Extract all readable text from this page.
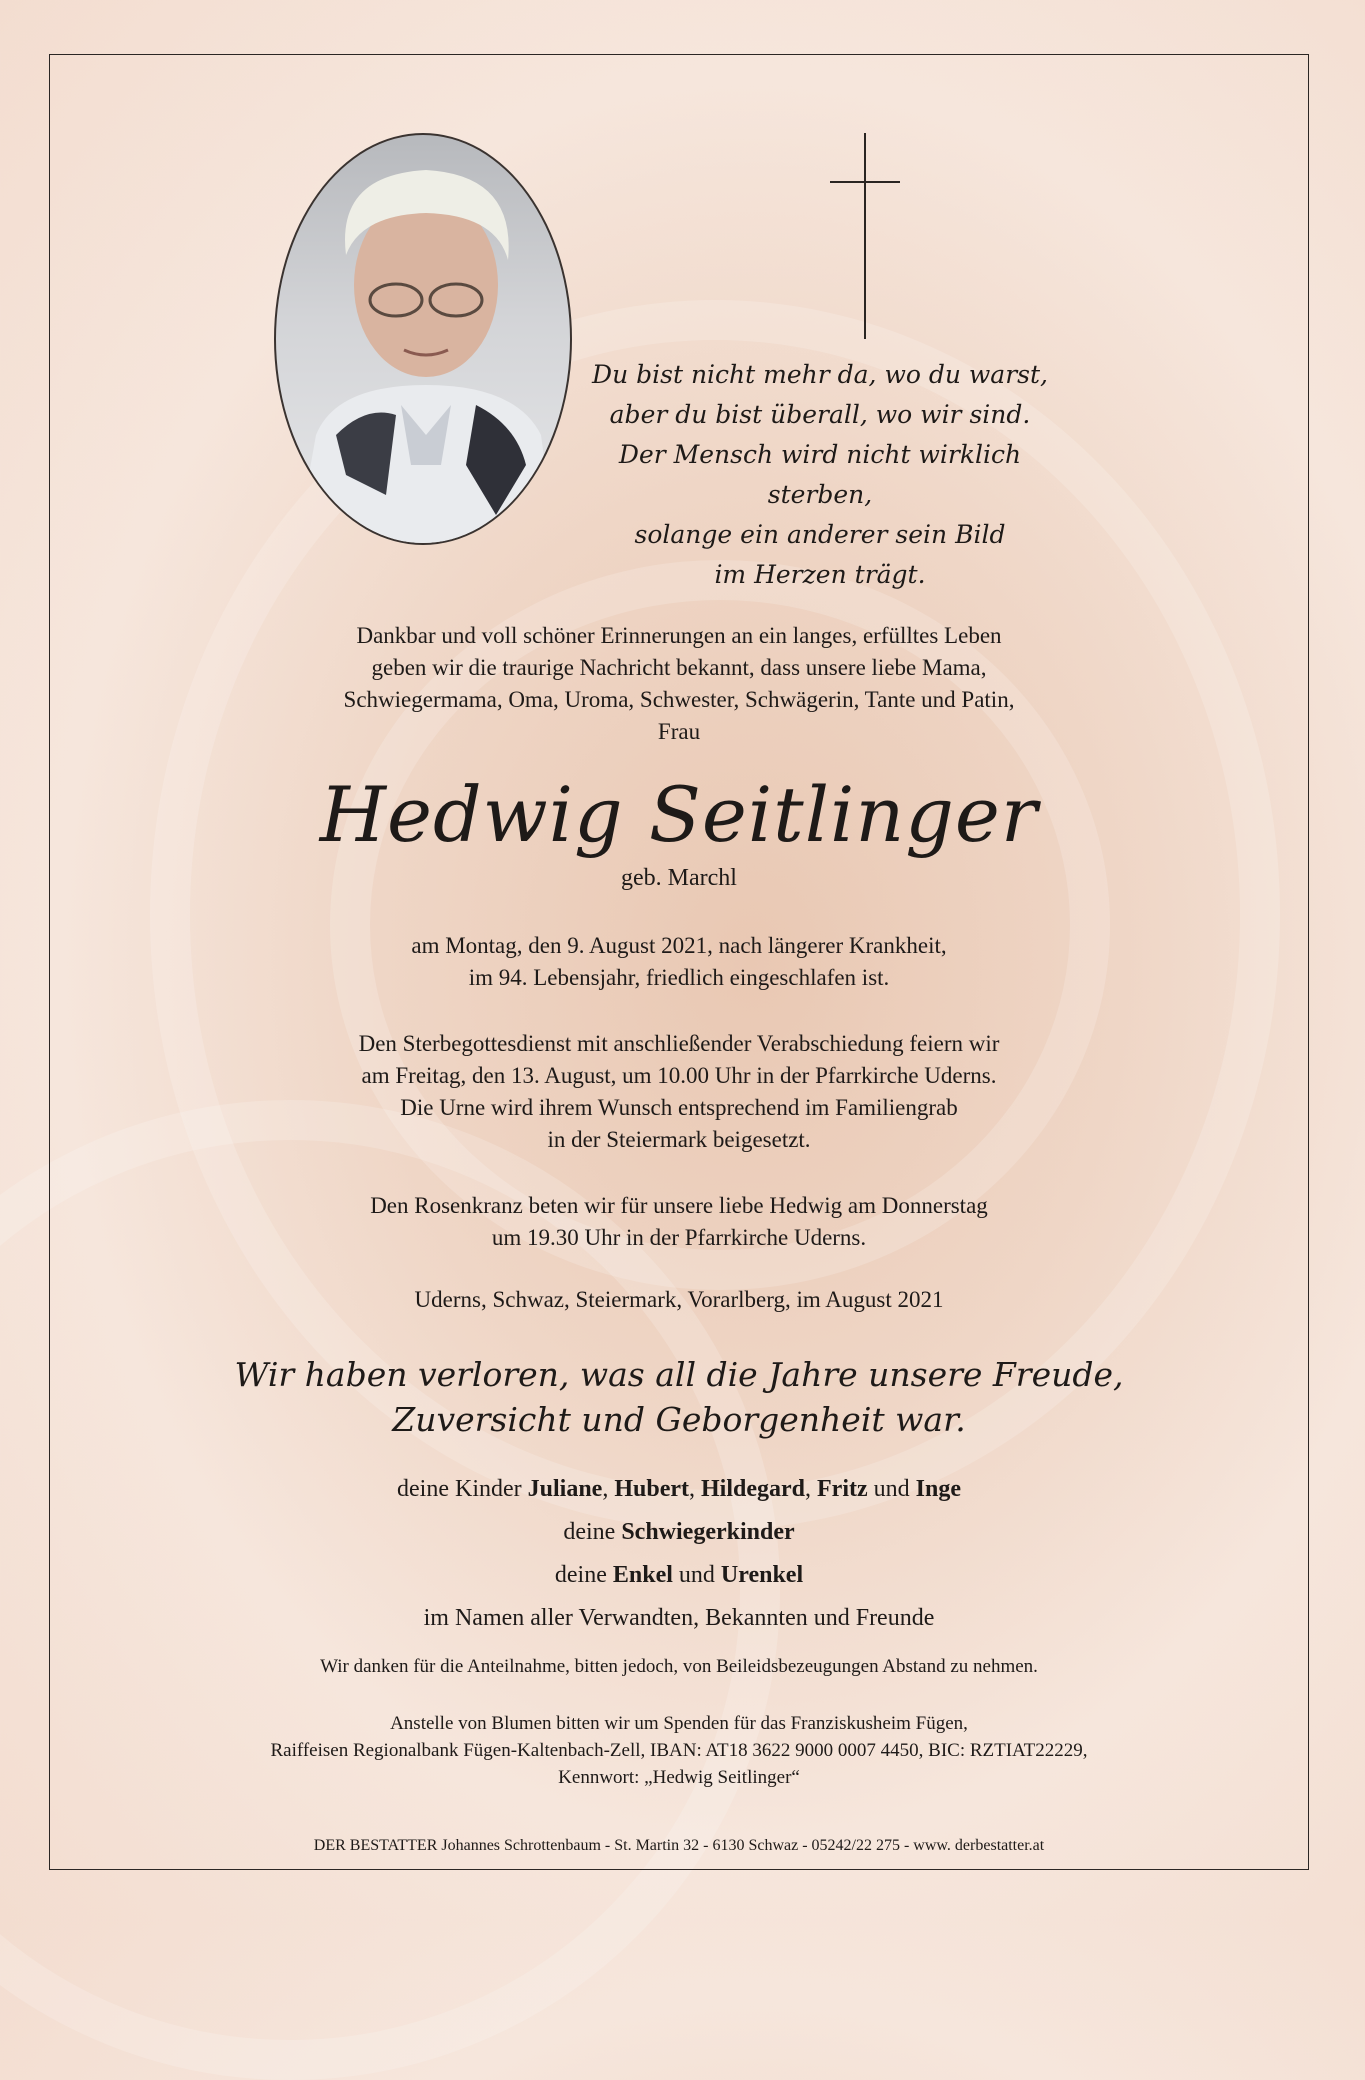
Du bist nicht mehr da, wo du warst,
aber du bist überall, wo wir sind.
Der Mensch wird nicht wirklich sterben,
solange ein anderer sein Bild
im Herzen trägt.
Dankbar und voll schöner Erinnerungen an ein langes, erfülltes Leben
geben wir die traurige Nachricht bekannt, dass unsere liebe Mama,
Schwiegermama, Oma, Uroma, Schwester, Schwägerin, Tante und Patin,
Frau
Hedwig Seitlinger
geb. Marchl
am Montag, den 9. August 2021, nach längerer Krankheit,
im 94. Lebensjahr, friedlich eingeschlafen ist.
Den Sterbegottesdienst mit anschließender Verabschiedung feiern wir
am Freitag, den 13. August, um 10.00 Uhr in der Pfarrkirche Uderns.
Die Urne wird ihrem Wunsch entsprechend im Familiengrab
in der Steiermark beigesetzt.
Den Rosenkranz beten wir für unsere liebe Hedwig am Donnerstag
um 19.30 Uhr in der Pfarrkirche Uderns.
Uderns, Schwaz, Steiermark, Vorarlberg, im August 2021
Wir haben verloren, was all die Jahre unsere Freude,
Zuversicht und Geborgenheit war.
deine Kinder Juliane, Hubert, Hildegard, Fritz und Inge
deine Schwiegerkinder
deine Enkel und Urenkel
im Namen aller Verwandten, Bekannten und Freunde
Wir danken für die Anteilnahme, bitten jedoch, von Beileidsbezeugungen Abstand zu nehmen.
Anstelle von Blumen bitten wir um Spenden für das Franziskusheim Fügen,
Raiffeisen Regionalbank Fügen-Kaltenbach-Zell, IBAN: AT18 3622 9000 0007 4450, BIC: RZTIAT22229,
Kennwort: „Hedwig Seitlinger“
DER BESTATTER Johannes Schrottenbaum - St. Martin 32 - 6130 Schwaz - 05242/22 275 - www. derbestatter.at
